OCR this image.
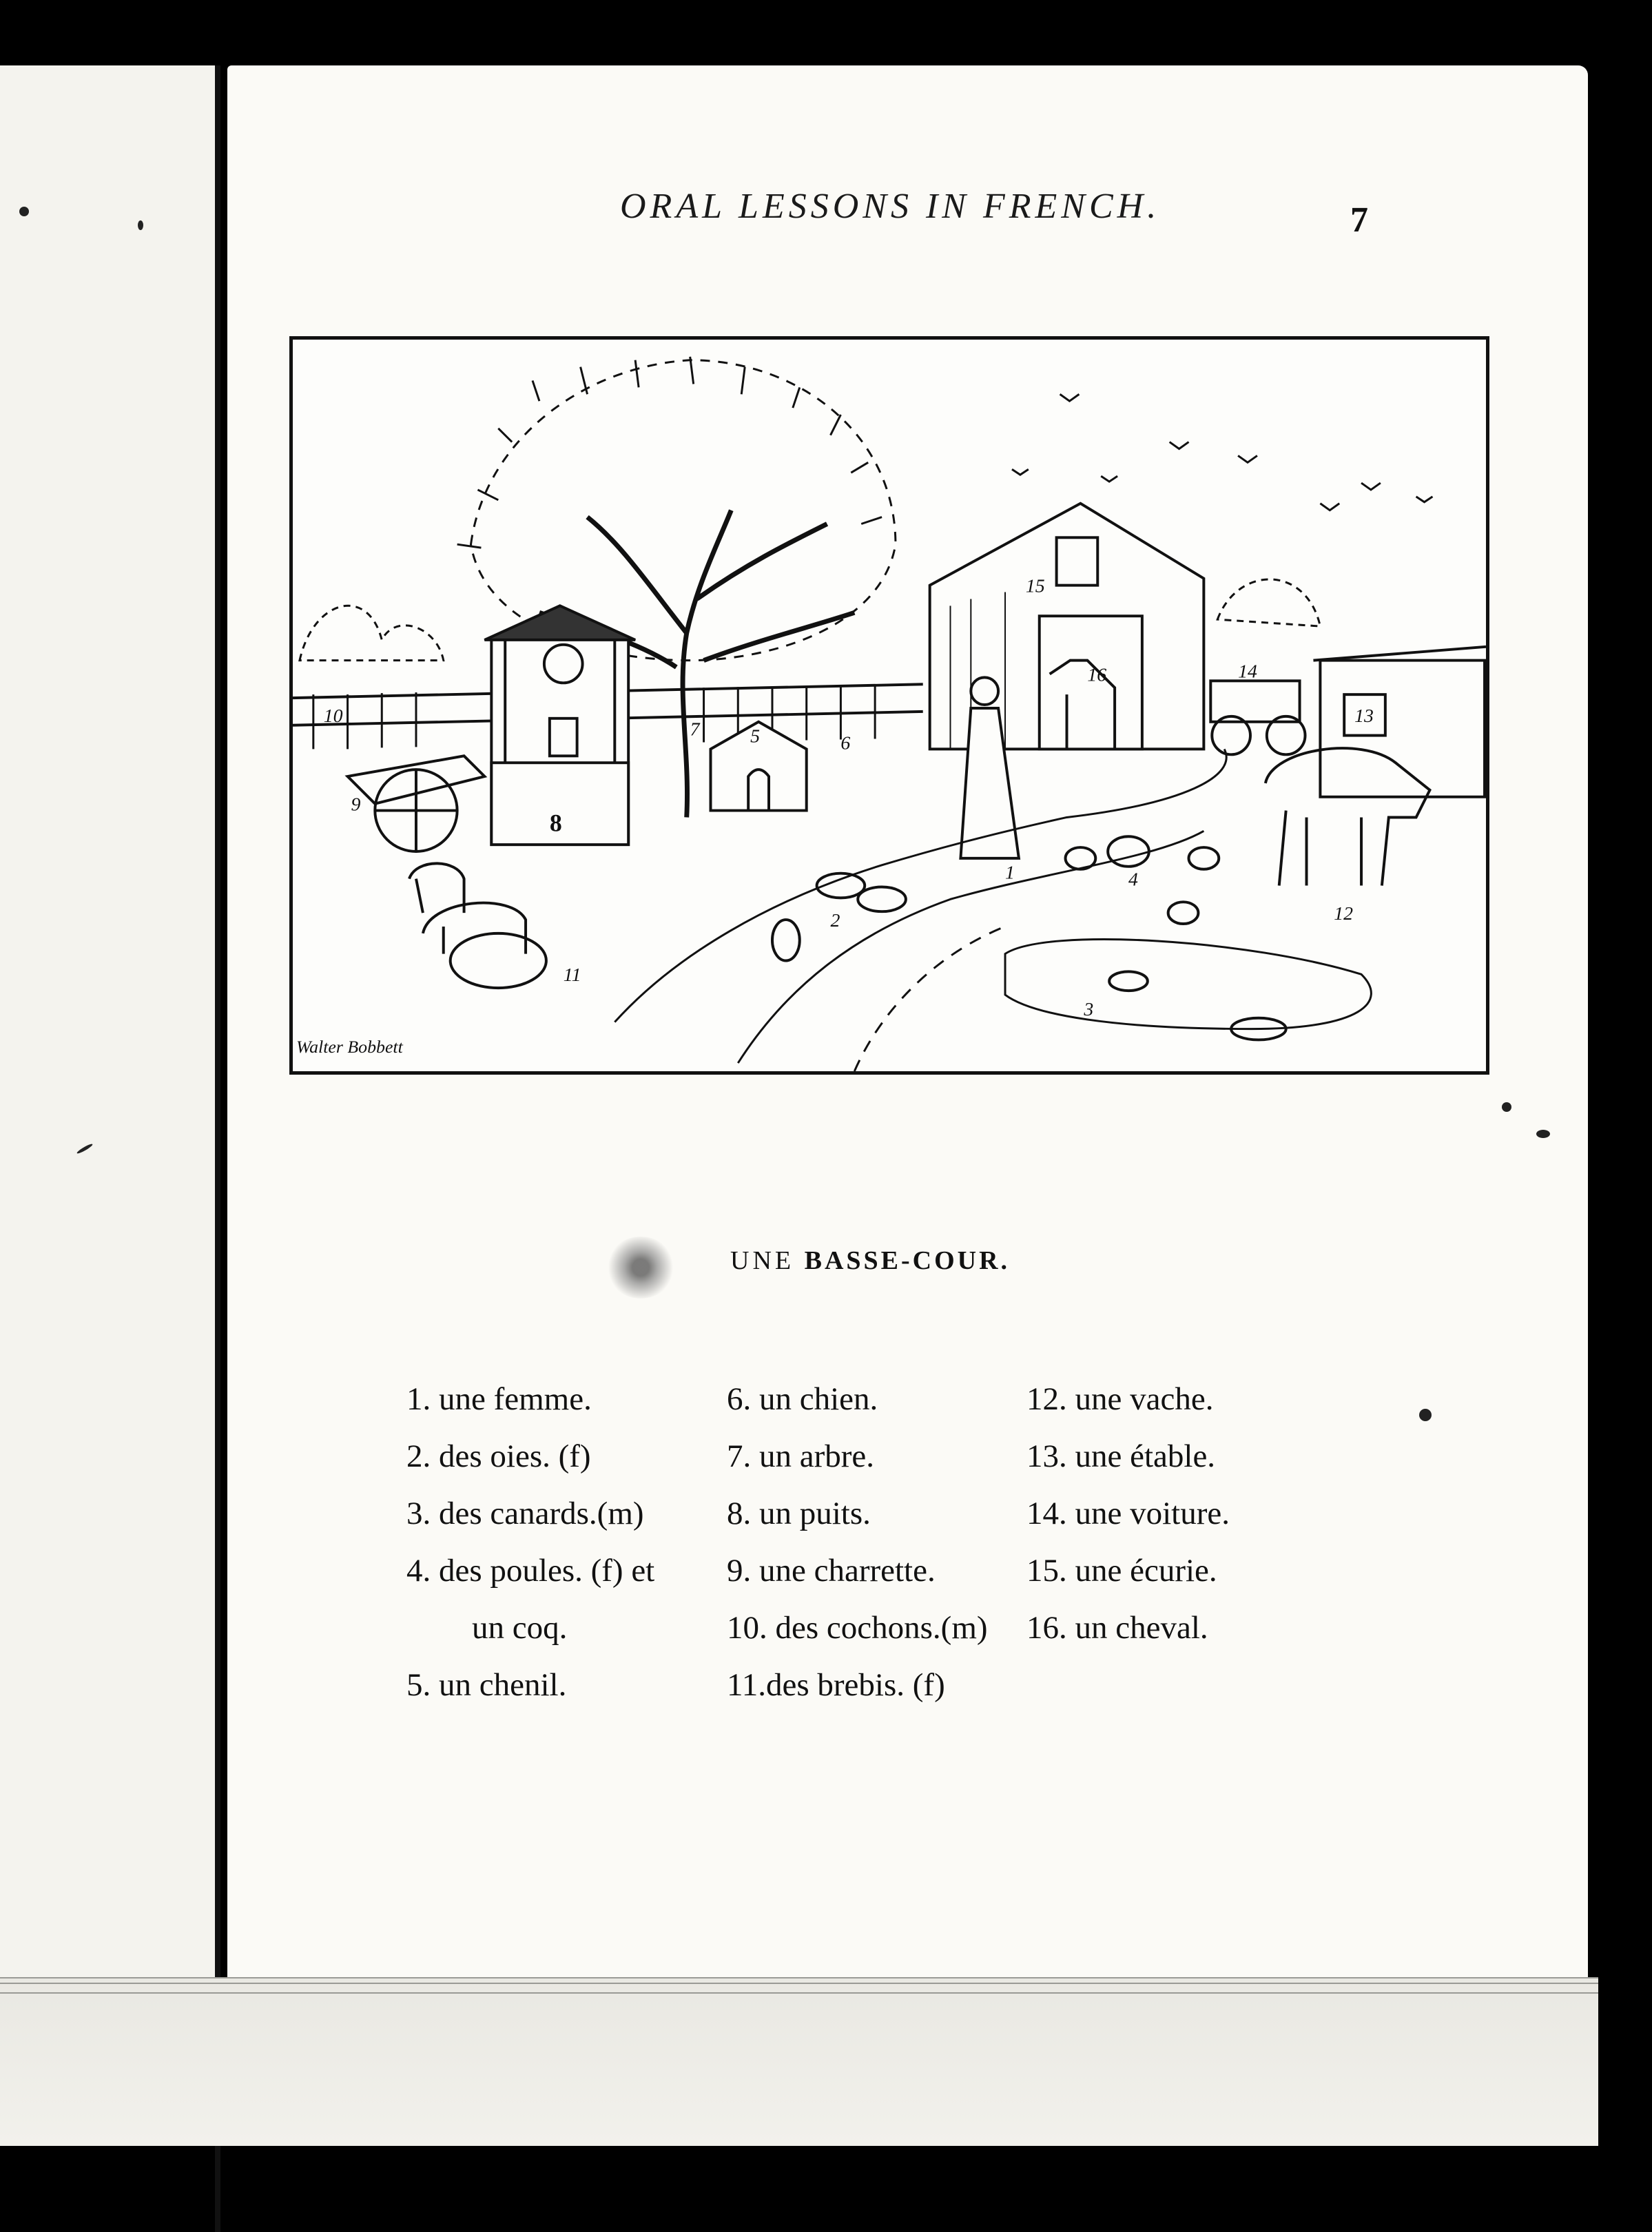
ORAL LESSONS IN FRENCH.	7
1
2
3
4
5	6
7
8
9
10
11
12
13
14
15
16
Walter Bobbett
UNE BASSE-COUR.
1. une femme.
2. des oies. (f)
3. des canards.(m)
4. des poules. (f) et
un coq.
5. un chenil.
6. un chien.
7. un arbre.
8. un puits.
9. une charrette.
10. des cochons.(m)
11.des brebis. (f)
12. une vache.
13. une étable.
14. une voiture.
15. une écurie.
16. un cheval.
